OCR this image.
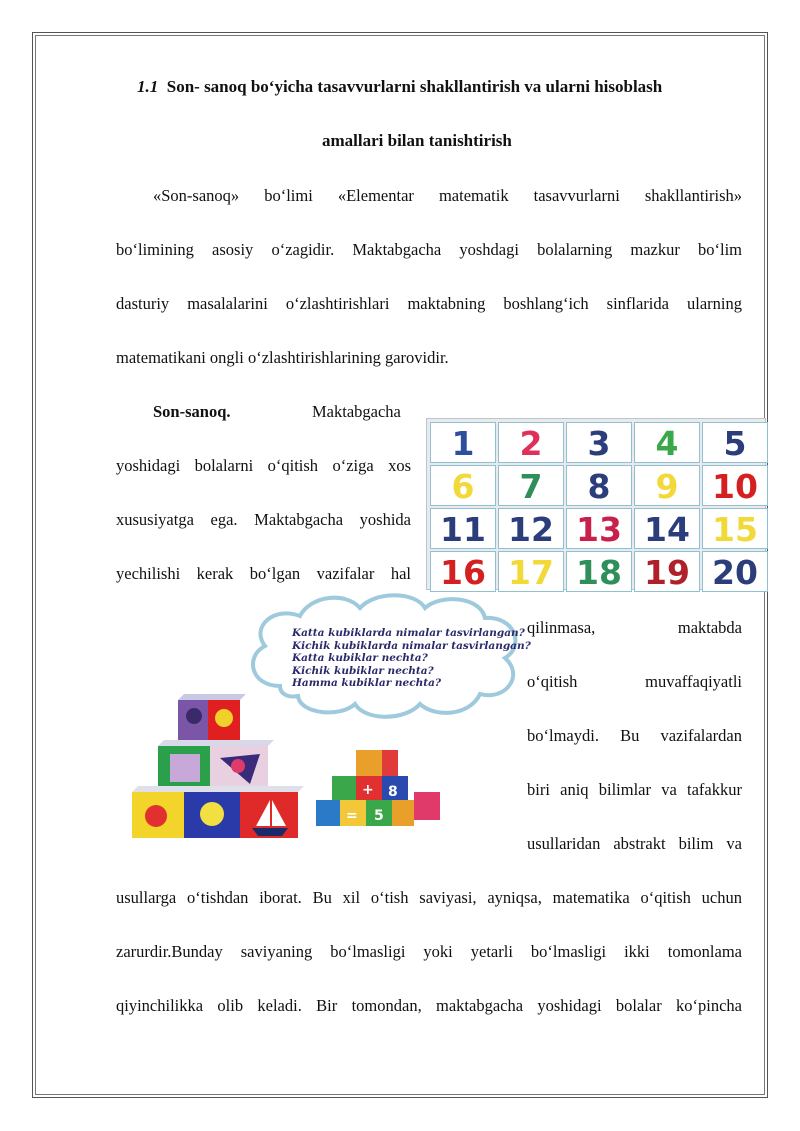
1.1 Son- sanoq bo‘yicha tasavvurlarni shakllantirish va ularni hisoblash
amallari bilan tanishtirish
«Son-sanoq» bo‘limi «Elementar matematik tasavvurlarni shakllantirish»
bo‘limining asosiy o‘zagidir. Maktabgacha yoshdagi bolalarning mazkur bo‘lim
dasturiy masalalarini o‘zlashtirishlari maktabning boshlang‘ich sinflarida ularning
matematikani ongli o‘zlashtirishlarining garovidir.
Son-sanoq.	Maktabgacha
yoshidagi bolalarni o‘qitish o‘ziga xos
xususiyatga ega. Maktabgacha yoshida
yechilishi kerak bo‘lgan vazifalar hal
qilinmasa, maktabda
o‘qitish muvaffaqiyatli
bo‘lmaydi. Bu vazifalardan
biri aniq bilimlar va tafakkur
usullaridan abstrakt bilim va
usullarga o‘tishdan iborat. Bu xil o‘tish saviyasi, ayniqsa, matematika o‘qitish uchun
zarurdir.Bunday saviyaning bo‘lmasligi yoki yetarli bo‘lmasligi ikki tomonlama
qiyinchilikka olib keladi. Bir tomondan, maktabgacha yoshidagi bolalar ko‘pincha
1	2	3	4	5
6	7	8	9	10
11 12 13 14 15
16 17 18 19 20
Katta kubiklarda nimalar tasvirlangan?
Kichik kubiklarda nimalar tasvirlangan?
Katta kubiklar nechta?
Kichik kubiklar nechta?
Hamma kubiklar nechta?
8
= 5
+
